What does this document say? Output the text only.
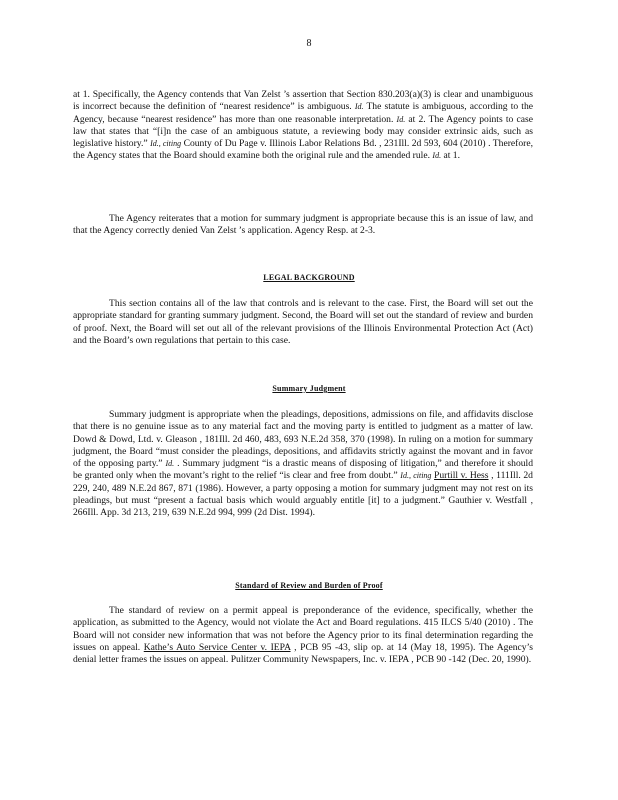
8

at 1. Specifically, the Agency contends that Van Zelst ’s assertion that Section 830.203(a)(3) is clear and unambiguous is incorrect because the definition of “nearest residence” is ambiguous. Id. The statute is ambiguous, according to the Agency, because “nearest residence” has more than one reasonable interpretation. Id. at 2. The Agency points to case law that states that “[i]n the case of an ambiguous statute, a reviewing body may consider extrinsic aids, such as legislative history.” Id., citing County of Du Page v. Illinois Labor Relations Bd. , 231Ill. 2d 593, 604 (2010) . Therefore, the Agency states that the Board should examine both the original rule and the amended rule. Id. at 1.

The Agency reiterates that a motion for summary judgment is appropriate because this is an issue of law, and that the Agency correctly denied Van Zelst ’s application. Agency Resp. at 2-3.

LEGAL BACKGROUND

This section contains all of the law that controls and is relevant to the case. First, the Board will set out the appropriate standard for granting summary judgment. Second, the Board will set out the standard of review and burden of proof. Next, the Board will set out all of the relevant provisions of the Illinois Environmental Protection Act (Act) and the Board’s own regulations that pertain to this case.

Summary Judgment

Summary judgment is appropriate when the pleadings, depositions, admissions on file, and affidavits disclose that there is no genuine issue as to any material fact and the moving party is entitled to judgment as a matter of law. Dowd & Dowd, Ltd. v. Gleason , 181Ill. 2d 460, 483, 693 N.E.2d 358, 370 (1998). In ruling on a motion for summary judgment, the Board “must consider the pleadings, depositions, and affidavits strictly against the movant and in favor of the opposing party.” Id. . Summary judgment “is a drastic means of disposing of litigation,” and therefore it should be granted only when the movant’s right to the relief “is clear and free from doubt.” Id., citing Purtill v. Hess , 111Ill. 2d 229, 240, 489 N.E.2d 867, 871 (1986). However, a party opposing a motion for summary judgment may not rest on its pleadings, but must “present a factual basis which would arguably entitle [it] to a judgment.” Gauthier v. Westfall , 266Ill. App. 3d 213, 219, 639 N.E.2d 994, 999 (2d Dist. 1994).

Standard of Review and Burden of Proof

The standard of review on a permit appeal is preponderance of the evidence, specifically, whether the application, as submitted to the Agency, would not violate the Act and Board regulations. 415 ILCS 5/40 (2010) . The Board will not consider new information that was not before the Agency prior to its final determination regarding the issues on appeal. Kathe’s Auto Service Center v. IEPA , PCB 95 -43, slip op. at 14 (May 18, 1995). The Agency’s denial letter frames the issues on appeal. Pulitzer Community Newspapers, Inc. v. IEPA , PCB 90 -142 (Dec. 20, 1990).
